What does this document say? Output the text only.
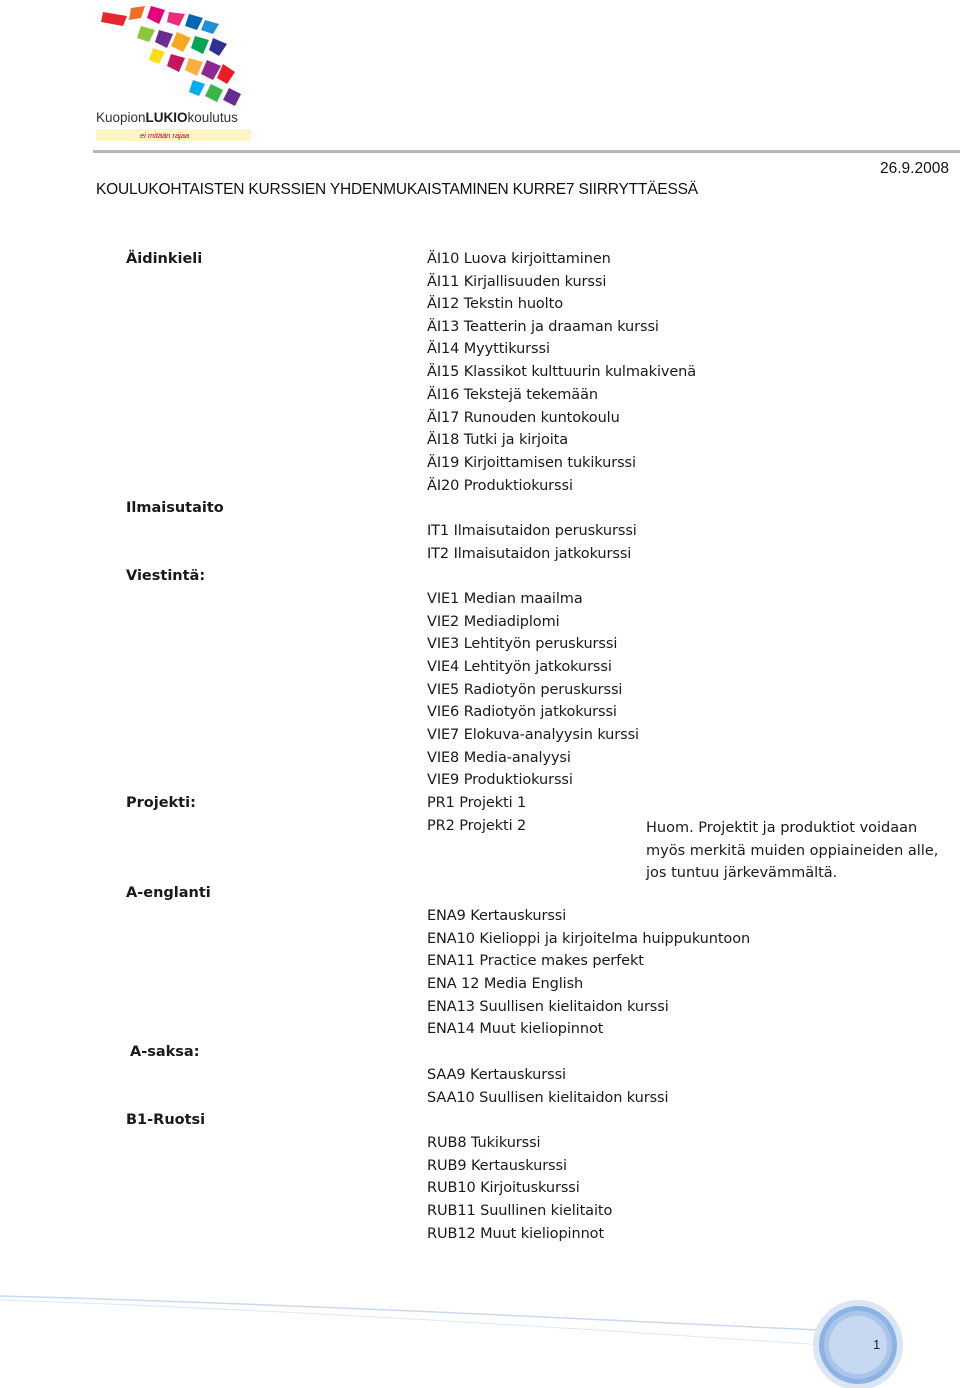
KuopionLUKIOkoulutus
ei mitään rajaa
26.9.2008
KOULUKOHTAISTEN KURSSIEN YHDENMUKAISTAMINEN KURRE7 SIIRRYTTÄESSÄ
Äidinkieli
Ilmaisutaito
Viestintä:
Projekti:
A-englanti
A-saksa:
B1-Ruotsi
ÄI10 Luova kirjoittaminen
ÄI11 Kirjallisuuden kurssi
ÄI12 Tekstin huolto
ÄI13 Teatterin ja draaman kurssi
ÄI14 Myyttikurssi
ÄI15 Klassikot kulttuurin kulmakivenä
ÄI16 Tekstejä tekemään
ÄI17 Runouden kuntokoulu
ÄI18 Tutki ja kirjoita
ÄI19 Kirjoittamisen tukikurssi
ÄI20 Produktiokurssi
IT1 Ilmaisutaidon peruskurssi
IT2 Ilmaisutaidon jatkokurssi
VIE1 Median maailma
VIE2 Mediadiplomi
VIE3 Lehtityön peruskurssi
VIE4 Lehtityön jatkokurssi
VIE5 Radiotyön peruskurssi
VIE6 Radiotyön jatkokurssi
VIE7 Elokuva-analyysin kurssi
VIE8 Media-analyysi
VIE9 Produktiokurssi
PR1 Projekti 1
PR2 Projekti 2	Huom. Projektit ja produktiot voidaan myös merkitä muiden oppiaineiden alle, jos tuntuu järkevämmältä.
ENA9 Kertauskurssi
ENA10 Kielioppi ja kirjoitelma huippukuntoon
ENA11 Practice makes perfekt
ENA 12 Media English
ENA13 Suullisen kielitaidon kurssi
ENA14 Muut kieliopinnot
SAA9 Kertauskurssi
SAA10 Suullisen kielitaidon kurssi
RUB8 Tukikurssi
RUB9 Kertauskurssi
RUB10 Kirjoituskurssi
RUB11 Suullinen kielitaito
RUB12 Muut kieliopinnot
1
